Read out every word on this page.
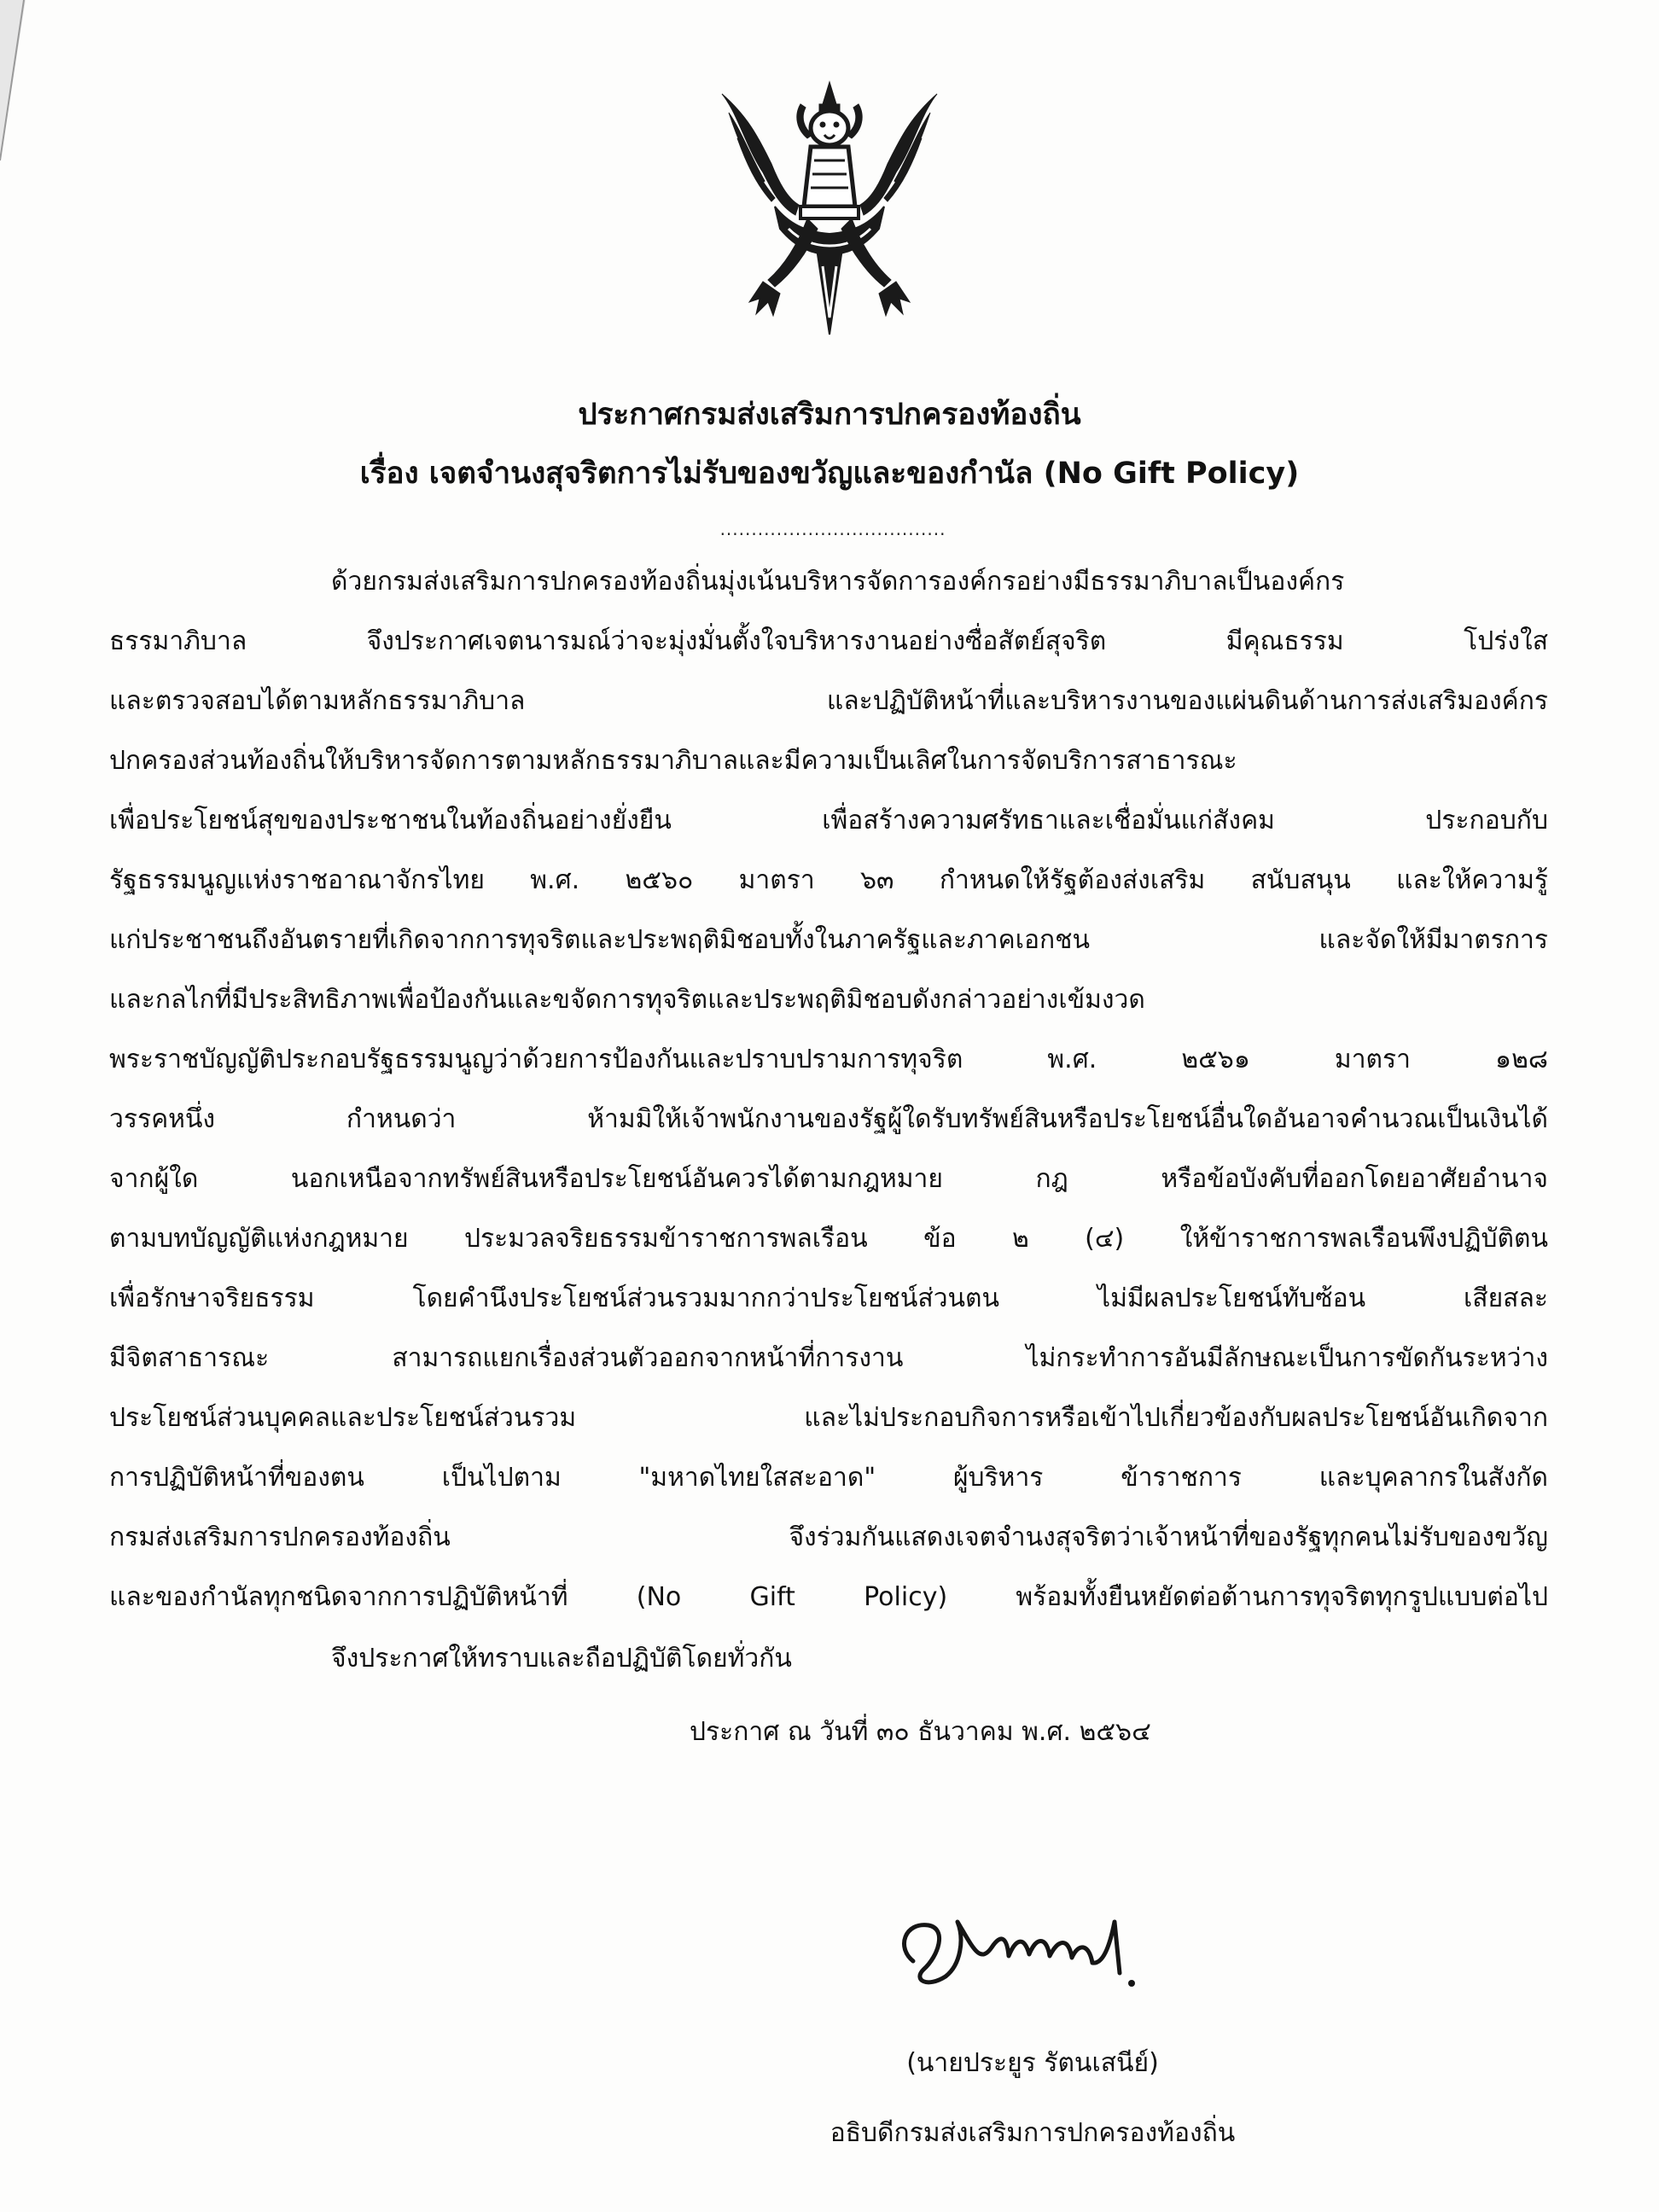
ประกาศกรมส่งเสริมการปกครองท้องถิ่น
เรื่อง เจตจำนงสุจริตการไม่รับของขวัญและของกำนัล (No Gift Policy)
....................................
ด้วยกรมส่งเสริมการปกครองท้องถิ่นมุ่งเน้นบริหารจัดการองค์กรอย่างมีธรรมาภิบาลเป็นองค์กร
ธรรมาภิบาล จึงประกาศเจตนารมณ์ว่าจะมุ่งมั่นตั้งใจบริหารงานอย่างซื่อสัตย์สุจริต มีคุณธรรม โปร่งใส
และตรวจสอบได้ตามหลักธรรมาภิบาล และปฏิบัติหน้าที่และบริหารงานของแผ่นดินด้านการส่งเสริมองค์กร
ปกครองส่วนท้องถิ่นให้บริหารจัดการตามหลักธรรมาภิบาลและมีความเป็นเลิศในการจัดบริการสาธารณะ
เพื่อประโยชน์สุขของประชาชนในท้องถิ่นอย่างยั่งยืน เพื่อสร้างความศรัทธาและเชื่อมั่นแก่สังคม ประกอบกับ
รัฐธรรมนูญแห่งราชอาณาจักรไทย พ.ศ. ๒๕๖๐ มาตรา ๖๓ กำหนดให้รัฐต้องส่งเสริม สนับสนุน และให้ความรู้
แก่ประชาชนถึงอันตรายที่เกิดจากการทุจริตและประพฤติมิชอบทั้งในภาครัฐและภาคเอกชน และจัดให้มีมาตรการ
และกลไกที่มีประสิทธิภาพเพื่อป้องกันและขจัดการทุจริตและประพฤติมิชอบดังกล่าวอย่างเข้มงวด
พระราชบัญญัติประกอบรัฐธรรมนูญว่าด้วยการป้องกันและปราบปรามการทุจริต พ.ศ. ๒๕๖๑ มาตรา ๑๒๘
วรรคหนึ่ง กำหนดว่า ห้ามมิให้เจ้าพนักงานของรัฐผู้ใดรับทรัพย์สินหรือประโยชน์อื่นใดอันอาจคำนวณเป็นเงินได้
จากผู้ใด นอกเหนือจากทรัพย์สินหรือประโยชน์อันควรได้ตามกฎหมาย กฎ หรือข้อบังคับที่ออกโดยอาศัยอำนาจ
ตามบทบัญญัติแห่งกฎหมาย ประมวลจริยธรรมข้าราชการพลเรือน ข้อ ๒ (๔) ให้ข้าราชการพลเรือนพึงปฏิบัติตน
เพื่อรักษาจริยธรรม โดยคำนึงประโยชน์ส่วนรวมมากกว่าประโยชน์ส่วนตน ไม่มีผลประโยชน์ทับซ้อน เสียสละ
มีจิตสาธารณะ สามารถแยกเรื่องส่วนตัวออกจากหน้าที่การงาน ไม่กระทำการอันมีลักษณะเป็นการขัดกันระหว่าง
ประโยชน์ส่วนบุคคลและประโยชน์ส่วนรวม และไม่ประกอบกิจการหรือเข้าไปเกี่ยวข้องกับผลประโยชน์อันเกิดจาก
การปฏิบัติหน้าที่ของตน เป็นไปตาม "มหาดไทยใสสะอาด" ผู้บริหาร ข้าราชการ และบุคลากรในสังกัด
กรมส่งเสริมการปกครองท้องถิ่น จึงร่วมกันแสดงเจตจำนงสุจริตว่าเจ้าหน้าที่ของรัฐทุกคนไม่รับของขวัญ
และของกำนัลทุกชนิดจากการปฏิบัติหน้าที่ (No Gift Policy) พร้อมทั้งยืนหยัดต่อต้านการทุจริตทุกรูปแบบต่อไป
จึงประกาศให้ทราบและถือปฏิบัติโดยทั่วกัน
ประกาศ ณ วันที่ ๓๐ ธันวาคม พ.ศ. ๒๕๖๔
(นายประยูร รัตนเสนีย์)
อธิบดีกรมส่งเสริมการปกครองท้องถิ่น
